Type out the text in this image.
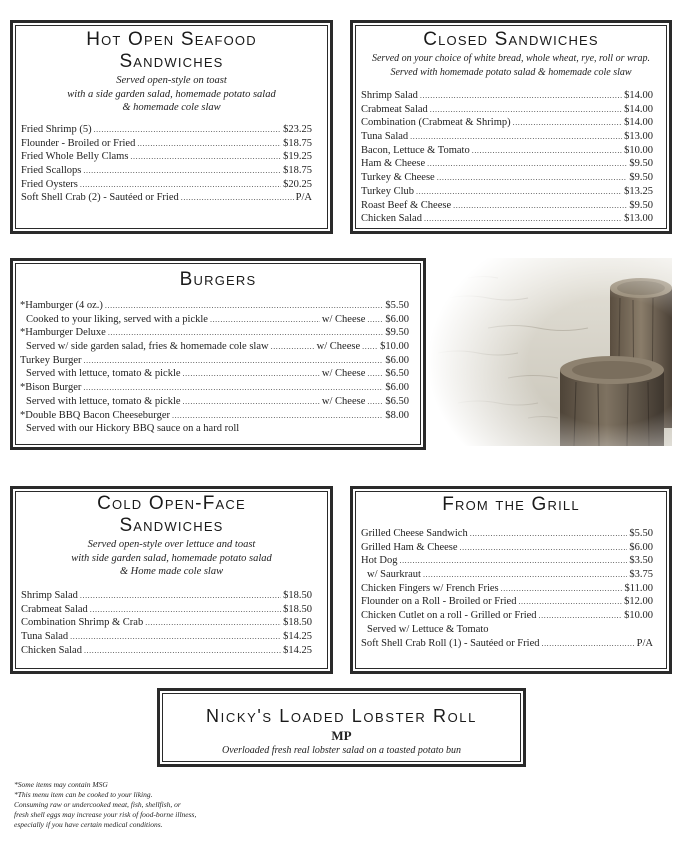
Hot Open Seafood
Sandwiches
Served open-style on toast
with a side garden salad, homemade potato salad
& homemade cole slaw
Fried Shrimp (5) .....	$23.25
Flounder - Broiled or Fried .....	$18.75
Fried Whole Belly Clams .....	$19.25
Fried Scallops .....	$18.75
Fried Oysters .....	$20.25
Soft Shell Crab (2) - Sautéed or Fried .....	P/A
Closed Sandwiches
Served on your choice of white bread, whole wheat, rye, roll or wrap.
Served with homemade potato salad & homemade cole slaw
Shrimp Salad .....	$14.00
Crabmeat Salad .....	$14.00
Combination (Crabmeat & Shrimp) .....	$14.00
Tuna Salad .....	$13.00
Bacon, Lettuce & Tomato .....	$10.00
Ham & Cheese .....	$9.50
Turkey & Cheese .....	$9.50
Turkey Club .....	$13.25
Roast Beef & Cheese .....	$9.50
Chicken Salad .....	$13.00
Burgers
*Hamburger (4 oz.) .....	$5.50
Cooked to your liking, served with a pickle .....	w/ Cheese ..... $6.00
*Hamburger Deluxe .....	$9.50
Served w/ side garden salad, fries & homemade cole slaw .....	w/ Cheese ..... $10.00
Turkey Burger .....	$6.00
Served with lettuce, tomato & pickle .....	w/ Cheese ..... $6.50
*Bison Burger .....	$6.00
Served with lettuce, tomato & pickle .....	w/ Cheese ..... $6.50
*Double BBQ Bacon Cheeseburger .....	$8.00
Served with our Hickory BBQ sauce on a hard roll
Cold Open-Face
Sandwiches
Served open-style over lettuce and toast
with side garden salad, homemade potato salad
& Home made cole slaw
Shrimp Salad .....	$18.50
Crabmeat Salad .....	$18.50
Combination Shrimp & Crab .....	$18.50
Tuna Salad .....	$14.25
Chicken Salad .....	$14.25
From the Grill
Grilled Cheese Sandwich .....	$5.50
Grilled Ham & Cheese .....	$6.00
Hot Dog .....	$3.50
w/ Saurkraut .....	$3.75
Chicken Fingers w/ French Fries .....	$11.00
Flounder on a Roll - Broiled or Fried .....	$12.00
Chicken Cutlet on a roll - Grilled or Fried .....	$10.00
Served w/ Lettuce & Tomato
Soft Shell Crab Roll (1) - Sautéed or Fried .....	P/A
Nicky's Loaded Lobster Roll
MP
Overloaded fresh real lobster salad on a toasted potato bun
*Some items may contain MSG
*This menu item can be cooked to your liking.
Consuming raw or undercooked meat, fish, shellfish, or
fresh shell eggs may increase your risk of food-borne illness,
especially if you have certain medical conditions.
